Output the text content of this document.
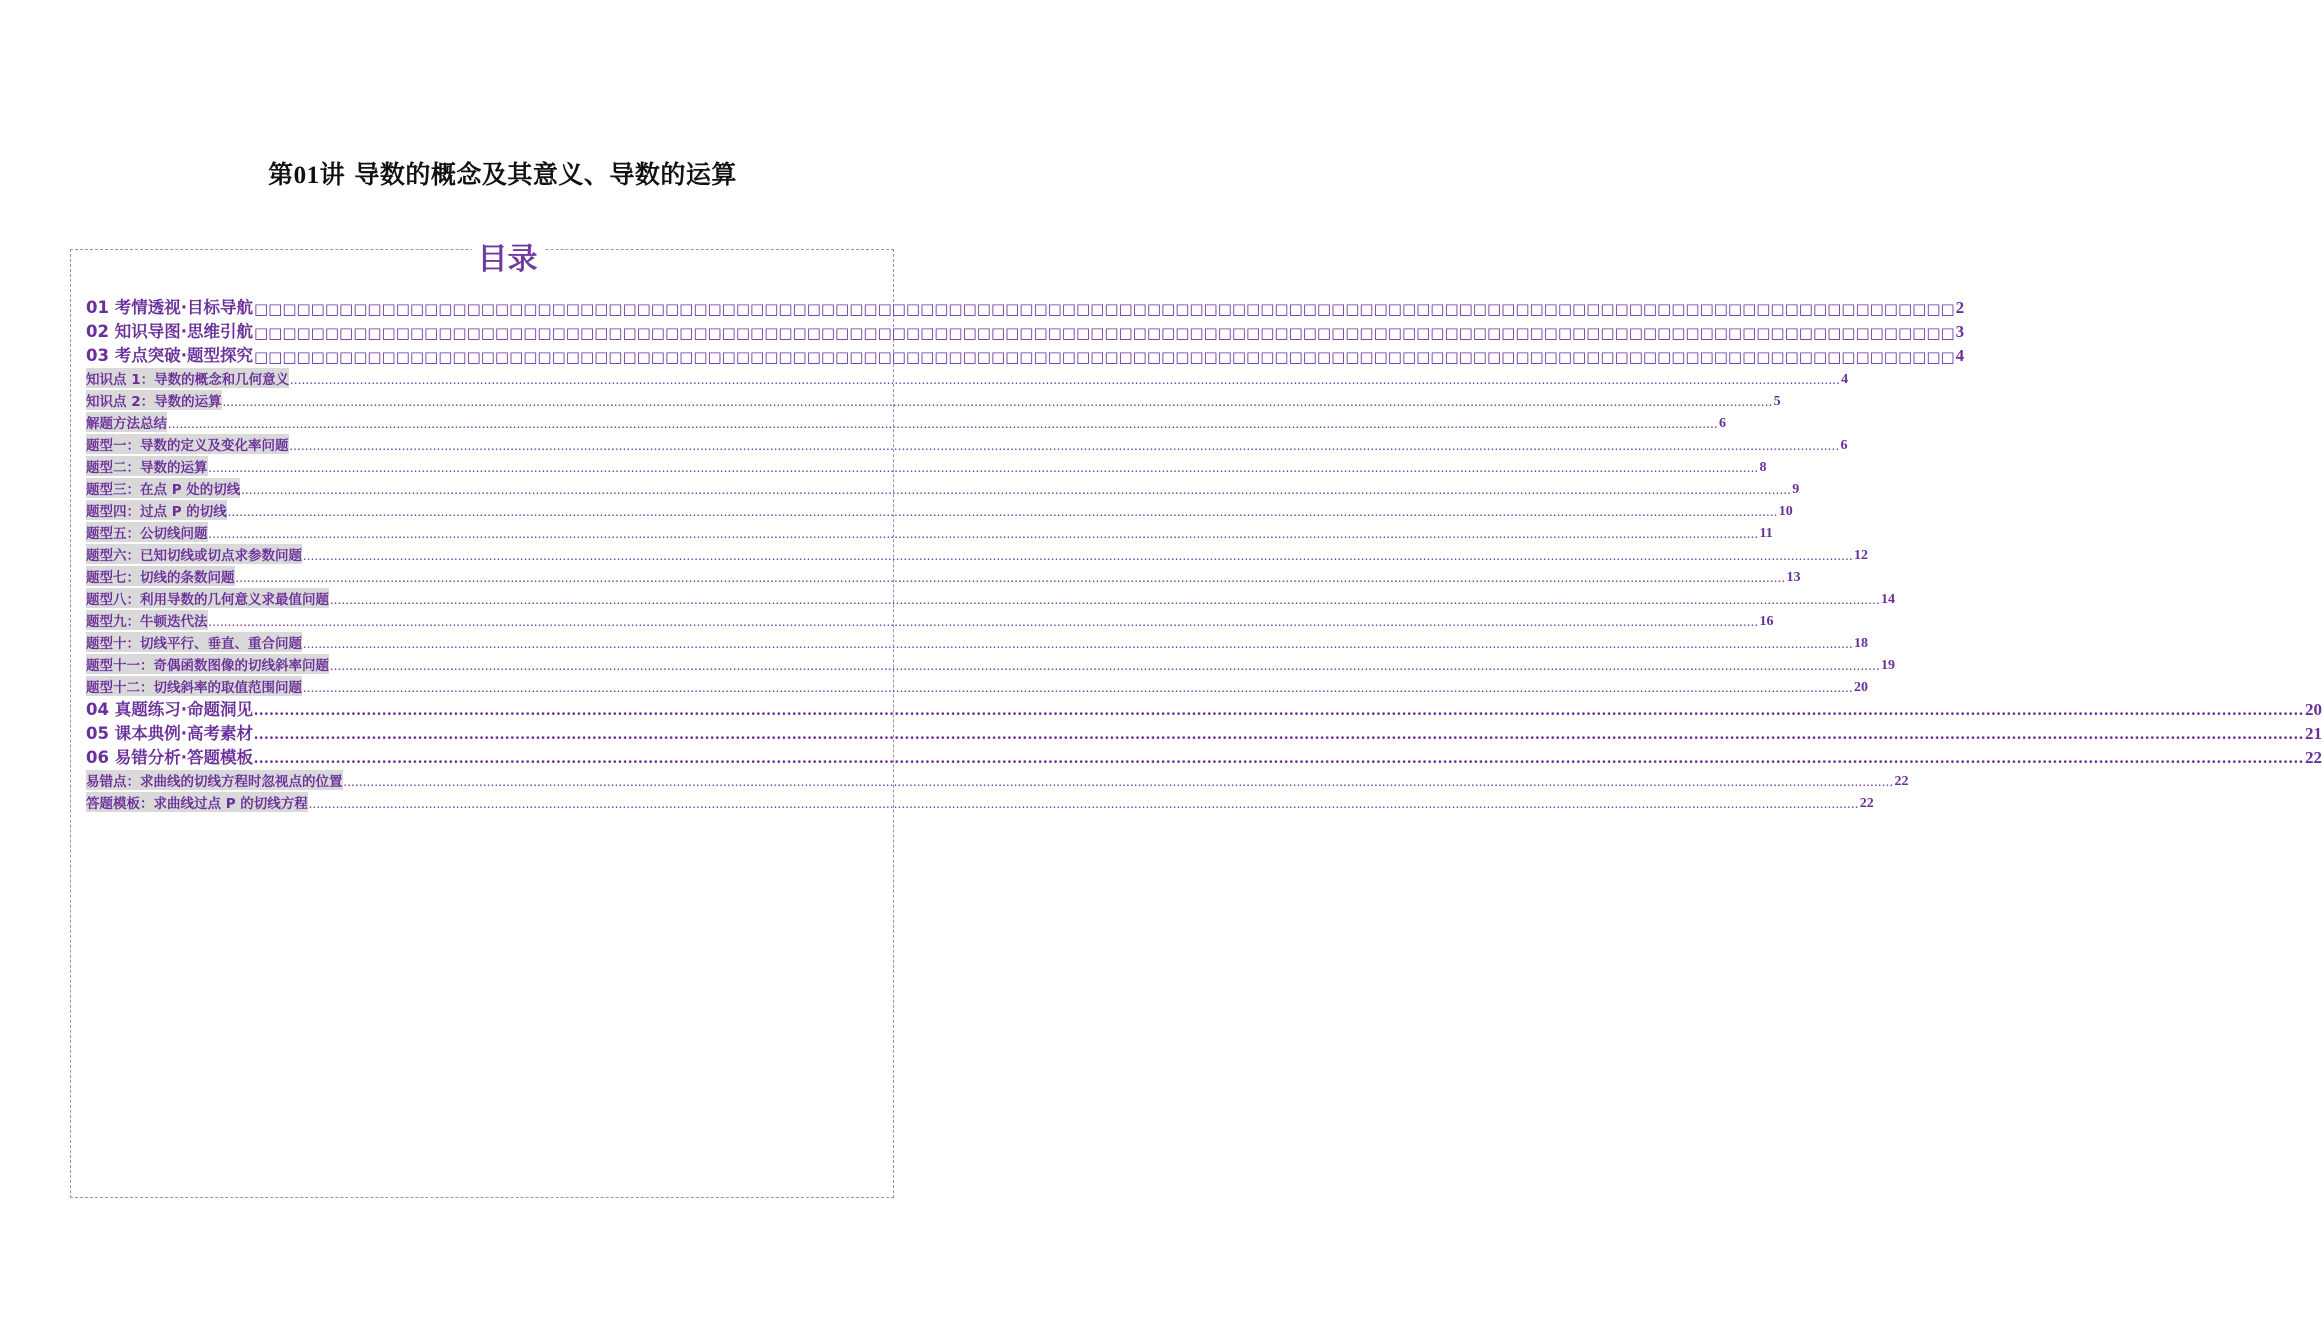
第01讲 导数的概念及其意义、导数的运算
目录
01 考情透视·目标导航 □□□□□□□□□□□□□□□□□□□□□□□□□□□□□□□□□□□□□□□□□□□□□□□□□□□□□□□□□□□□□□□□□□□□□□□□□□□□□□□□□□□□□□□□□□□□□□□□□□□□□□□□□□□□□□□□□□□□□□□□ 2
02 知识导图·思维引航 □□□□□□□□□□□□□□□□□□□□□□□□□□□□□□□□□□□□□□□□□□□□□□□□□□□□□□□□□□□□□□□□□□□□□□□□□□□□□□□□□□□□□□□□□□□□□□□□□□□□□□□□□□□□□□□□□□□□□□□□ 3
03 考点突破·题型探究 □□□□□□□□□□□□□□□□□□□□□□□□□□□□□□□□□□□□□□□□□□□□□□□□□□□□□□□□□□□□□□□□□□□□□□□□□□□□□□□□□□□□□□□□□□□□□□□□□□□□□□□□□□□□□□□□□□□□□□□□ 4
知识点 1：导数的概念和几何意义 ................................................................................................................................................................................................................................................................................................................................................................................................................ 4
知识点 2：导数的运算 ................................................................................................................................................................................................................................................................................................................................................................................................................ 5
解题方法总结 ................................................................................................................................................................................................................................................................................................................................................................................................................ 6
题型一：导数的定义及变化率问题 ................................................................................................................................................................................................................................................................................................................................................................................................................ 6
题型二：导数的运算 ................................................................................................................................................................................................................................................................................................................................................................................................................ 8
题型三：在点 P 处的切线 ................................................................................................................................................................................................................................................................................................................................................................................................................ 9
题型四：过点 P 的切线 ................................................................................................................................................................................................................................................................................................................................................................................................................ 10
题型五：公切线问题 ................................................................................................................................................................................................................................................................................................................................................................................................................ 11
题型六：已知切线或切点求参数问题 ................................................................................................................................................................................................................................................................................................................................................................................................................ 12
题型七：切线的条数问题 ................................................................................................................................................................................................................................................................................................................................................................................................................ 13
题型八：利用导数的几何意义求最值问题 ................................................................................................................................................................................................................................................................................................................................................................................................................ 14
题型九：牛顿迭代法 ................................................................................................................................................................................................................................................................................................................................................................................................................ 16
题型十：切线平行、垂直、重合问题 ................................................................................................................................................................................................................................................................................................................................................................................................................ 18
题型十一：奇偶函数图像的切线斜率问题 ................................................................................................................................................................................................................................................................................................................................................................................................................ 19
题型十二：切线斜率的取值范围问题 ................................................................................................................................................................................................................................................................................................................................................................................................................ 20
04 真题练习·命题洞见 ................................................................................................................................................................................................................................................................................................................................................................................................................ 20
05 课本典例·高考素材 ................................................................................................................................................................................................................................................................................................................................................................................................................ 21
06 易错分析·答题模板 ................................................................................................................................................................................................................................................................................................................................................................................................................ 22
易错点：求曲线的切线方程时忽视点的位置 ................................................................................................................................................................................................................................................................................................................................................................................................................ 22
答题模板：求曲线过点 P 的切线方程 ................................................................................................................................................................................................................................................................................................................................................................................................................ 22
